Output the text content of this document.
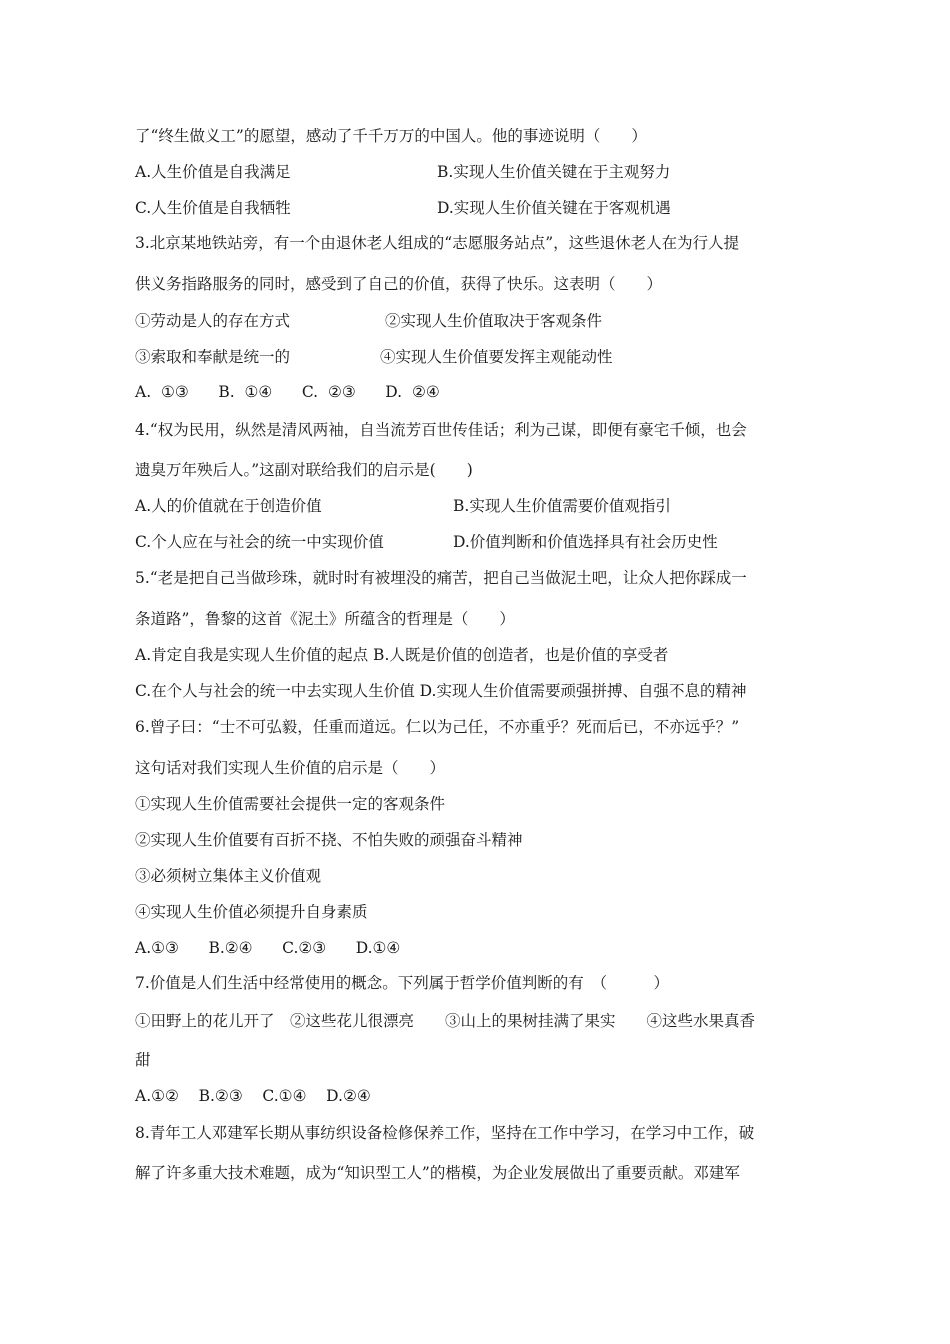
了“终生做义工”的愿望，感动了千千万万的中国人。他的事迹说明（　　）
A.人生价值是自我满足	B.实现人生价值关键在于主观努力
C.人生价值是自我牺牲	D.实现人生价值关键在于客观机遇
3.北京某地铁站旁，有一个由退休老人组成的“志愿服务站点”，这些退休老人在为行人提
供义务指路服务的同时，感受到了自己的价值，获得了快乐。这表明（　　）
①劳动是人的存在方式	②实现人生价值取决于客观条件
③索取和奉献是统一的	④实现人生价值要发挥主观能动性
A.  ①③      B.  ①④      C.  ②③      D.  ②④
4.“权为民用，纵然是清风两袖，自当流芳百世传佳话；利为己谋，即便有豪宅千倾，也会
遗臭万年殃后人。”这副对联给我们的启示是(　　)
A.人的价值就在于创造价值	B.实现人生价值需要价值观指引
C.个人应在与社会的统一中实现价值	D.价值判断和价值选择具有社会历史性
5.“老是把自己当做珍珠，就时时有被埋没的痛苦，把自己当做泥土吧，让众人把你踩成一
条道路”，鲁黎的这首《泥土》所蕴含的哲理是（　　）
A.肯定自我是实现人生价值的起点 B.人既是价值的创造者，也是价值的享受者
C.在个人与社会的统一中去实现人生价值 D.实现人生价值需要顽强拼搏、自强不息的精神
6.曾子曰：“士不可弘毅，任重而道远。仁以为己任，不亦重乎？死而后已，不亦远乎？”
这句话对我们实现人生价值的启示是（　　）
①实现人生价值需要社会提供一定的客观条件
②实现人生价值要有百折不挠、不怕失败的顽强奋斗精神
③必须树立集体主义价值观
④实现人生价值必须提升自身素质
A.①③      B.②④      C.②③      D.①④
7.价值是人们生活中经常使用的概念。下列属于哲学价值判断的有　（　　　）
①田野上的花儿开了　②这些花儿很漂亮　　③山上的果树挂满了果实　　④这些水果真香
甜
A.①②    B.②③    C.①④    D.②④
8.青年工人邓建军长期从事纺织设备检修保养工作，坚持在工作中学习，在学习中工作，破
解了许多重大技术难题，成为“知识型工人”的楷模，为企业发展做出了重要贡献。邓建军
